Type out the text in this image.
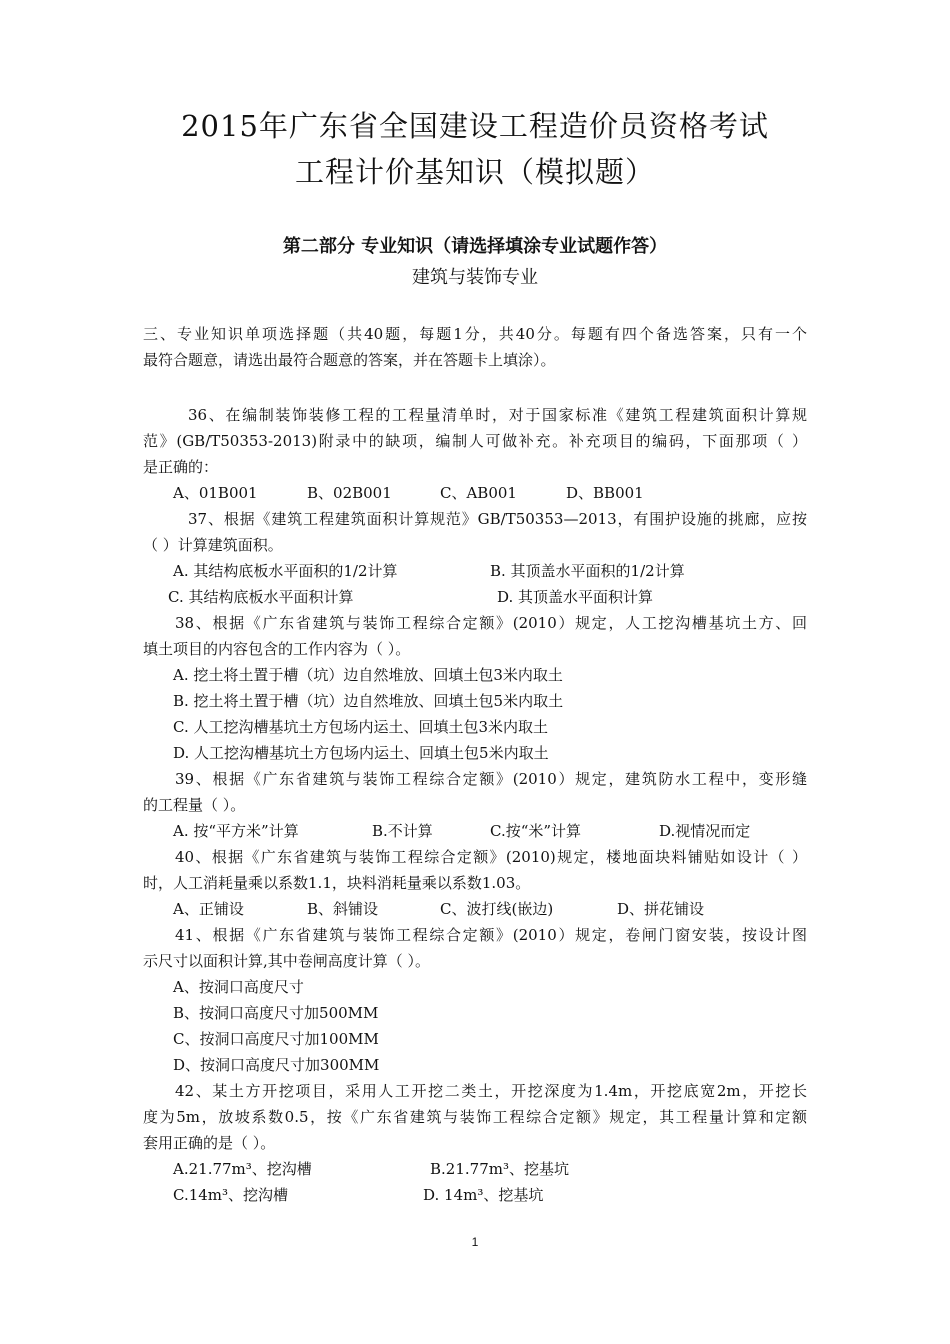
2015年广东省全国建设工程造价员资格考试
工程计价基知识（模拟题）
第二部分 专业知识（请选择填涂专业试题作答）
建筑与装饰专业
三、专业知识单项选择题（共40题，每题1分，共40分。每题有四个备选答案，只有一个
最符合题意，请选出最符合题意的答案，并在答题卡上填涂）。
36、在编制装饰装修工程的工程量清单时，对于国家标准《建筑工程建筑面积计算规
范》(GB/T50353-2013)附录中的缺项，编制人可做补充。补充项目的编码，下面那项（ ）
是正确的：
A、01B001	B、02B001	C、AB001	D、BB001
37、根据《建筑工程建筑面积计算规范》GB/T50353—2013，有围护设施的挑廊，应按
（ ）计算建筑面积。
A. 其结构底板水平面积的1/2计算	B. 其顶盖水平面积的1/2计算
C. 其结构底板水平面积计算	D. 其顶盖水平面积计算
38、根据《广东省建筑与装饰工程综合定额》(2010）规定，人工挖沟槽基坑土方、回
填土项目的内容包含的工作内容为（ ）。
A. 挖土将土置于槽（坑）边自然堆放、回填土包3米内取土
B. 挖土将土置于槽（坑）边自然堆放、回填土包5米内取土
C. 人工挖沟槽基坑土方包场内运土、回填土包3米内取土
D. 人工挖沟槽基坑土方包场内运土、回填土包5米内取土
39、根据《广东省建筑与装饰工程综合定额》(2010）规定，建筑防水工程中，变形缝
的工程量（ ）。
A. 按“平方米”计算	B.不计算	C.按“米”计算	D.视情况而定
40、根据《广东省建筑与装饰工程综合定额》(2010)规定，楼地面块料铺贴如设计（ ）
时，人工消耗量乘以系数1.1，块料消耗量乘以系数1.03。
A、正铺设	B、斜铺设	C、波打线(嵌边)	D、拼花铺设
41、根据《广东省建筑与装饰工程综合定额》(2010）规定，卷闸门窗安装，按设计图
示尺寸以面积计算,其中卷闸高度计算（ ）。
A、按洞口高度尺寸
B、按洞口高度尺寸加500MM
C、按洞口高度尺寸加100MM
D、按洞口高度尺寸加300MM
42、某土方开挖项目，采用人工开挖二类土，开挖深度为1.4m，开挖底宽2m，开挖长
度为5m，放坡系数0.5，按《广东省建筑与装饰工程综合定额》规定，其工程量计算和定额
套用正确的是（ ）。
A.21.77m³、挖沟槽	B.21.77m³、挖基坑
C.14m³、挖沟槽	D. 14m³、挖基坑
1
